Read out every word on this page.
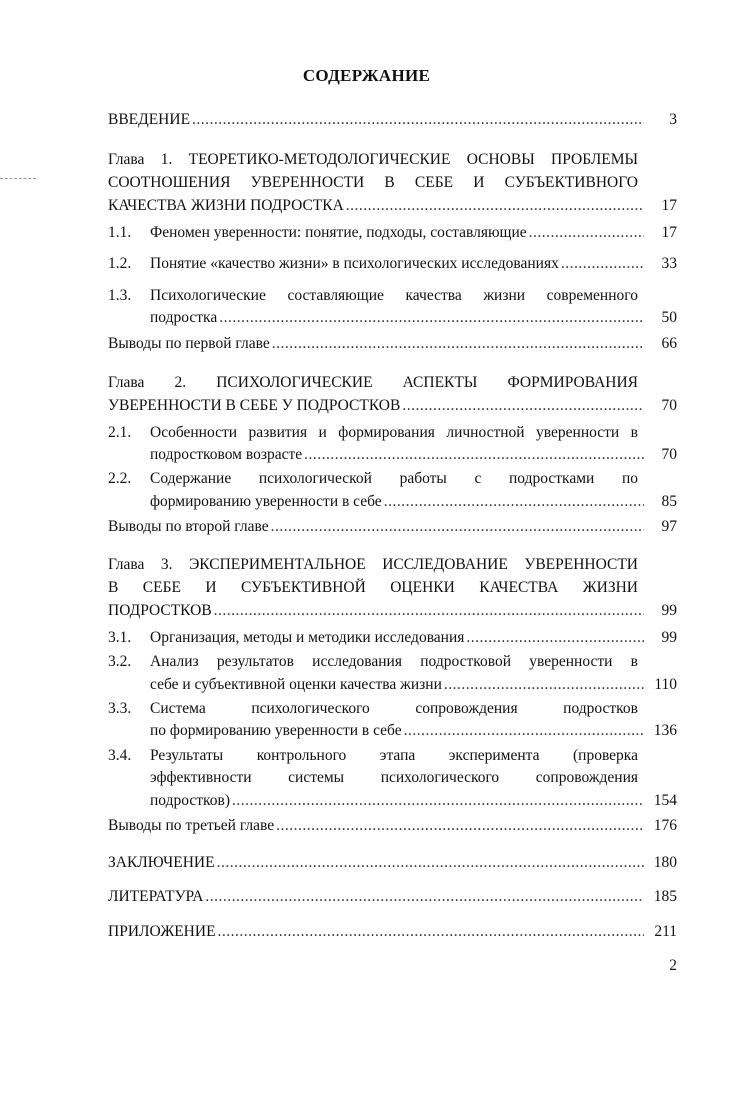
СОДЕРЖАНИЕ
ВВЕДЕНИЕ .....	3
Глава 1. ТЕОРЕТИКО-МЕТОДОЛОГИЧЕСКИЕ ОСНОВЫ ПРОБЛЕМЫ
СООТНОШЕНИЯ УВЕРЕННОСТИ В СЕБЕ И СУБЪЕКТИВНОГО
КАЧЕСТВА ЖИЗНИ ПОДРОСТКА .....	17
1.1. Феномен уверенности: понятие, подходы, составляющие .....	17
1.2. Понятие «качество жизни» в психологических исследованиях .....	33
1.3. Психологические составляющие качества жизни современного
подростка .....	50
Выводы по первой главе .....	66
Глава 2. ПСИХОЛОГИЧЕСКИЕ АСПЕКТЫ ФОРМИРОВАНИЯ
УВЕРЕННОСТИ В СЕБЕ У ПОДРОСТКОВ .....	70
2.1. Особенности развития и формирования личностной уверенности в
подростковом возрасте .....	70
2.2. Содержание психологической работы с подростками по
формированию уверенности в себе .....	85
Выводы по второй главе .....	97
Глава 3. ЭКСПЕРИМЕНТАЛЬНОЕ ИССЛЕДОВАНИЕ УВЕРЕННОСТИ
В СЕБЕ И СУБЪЕКТИВНОЙ ОЦЕНКИ КАЧЕСТВА ЖИЗНИ
ПОДРОСТКОВ .....	99
3.1. Организация, методы и методики исследования .....	99
3.2. Анализ результатов исследования подростковой уверенности в
себе и субъективной оценки качества жизни .....	110
3.3. Система психологического сопровождения подростков
по формированию уверенности в себе .....	136
3.4. Результаты контрольного этапа эксперимента (проверка
эффективности системы психологического сопровождения
подростков) .....	154
Выводы по третьей главе .....	176
ЗАКЛЮЧЕНИЕ .....	180
ЛИТЕРАТУРА .....	185
ПРИЛОЖЕНИЕ .....	211
2
